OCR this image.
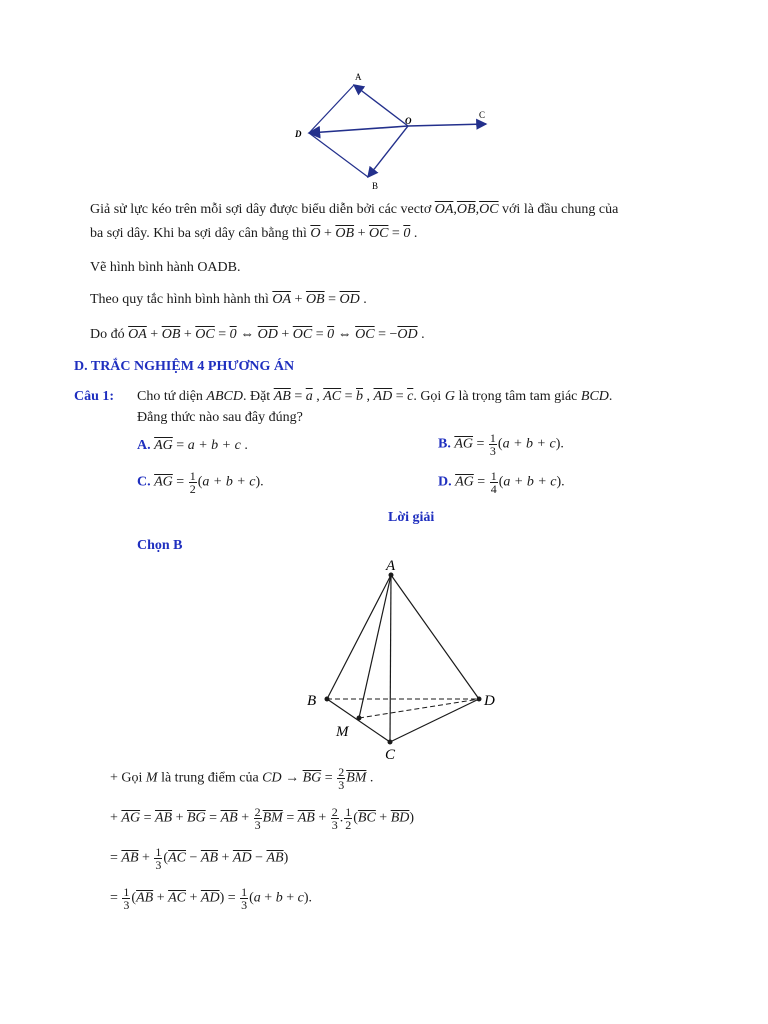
A
O
C
D
B
Giả sử lực kéo trên mỗi sợi dây được biểu diễn bởi các vectơ $\overline{OA},\overline{OB},\overline{OC}$ với là đầu chung của
ba sợi dây. Khi ba sợi dây cân bằng thì $\overline{O} + \overline{OB} + \overline{OC} = 0$ .
Vẽ hình bình hành OADB.
Theo quy tắc hình bình hành thì $\overline{OA} + \overline{OB} = \overline{OD}$ .
Do đó $\overline{OA} + \overline{OB} + \overline{OC} = 0$ ⇔ $\overline{OD} + \overline{OC} = 0$ ⇔ $\overline{OC} = -\overline{OD}$ .
D. TRẮC NGHIỆM 4 PHƯƠNG ÁN
Câu 1: Cho tứ diện ABCD. Đặt $\overline{AB} = \overline{a}$ , $\overline{AC} = \overline{b}$ , $\overline{AD} = \overline{c}$. Gọi G là trọng tâm tam giác BCD.
Đẳng thức nào sau đây đúng?
A. $\overline{AG} = a + b + c$ .	B. $\overline{AG} = \frac{1}{3} (a + b + c)$.
C. $\overline{AG} = \frac{1}{2} (a + b + c)$.	D. $\overline{AG} = \frac{1}{4} (a + b + c)$.
Lời giải
Chọn B
A
B	D
M
C
+ Gọi M là trung điểm của CD → $\overline{BG} = \frac{2}{3} \overline{BM}$ .
+ $\overline{AG} = \overline{AB} + \overline{BG} = \overline{AB} + \frac{2}{3} \overline{BM} = \overline{AB} + \frac{2}{3}$ . $\frac{1}{2} (\overline{BC} + \overline{BD})$
= $\overline{AB} + \frac{1}{3} (\overline{AC} - \overline{AB} + \overline{AD} - \overline{AB})$
= $\frac{1}{3} (\overline{AB} + \overline{AC} + \overline{AD}) = \frac{1}{3} (a + b + c)$.
